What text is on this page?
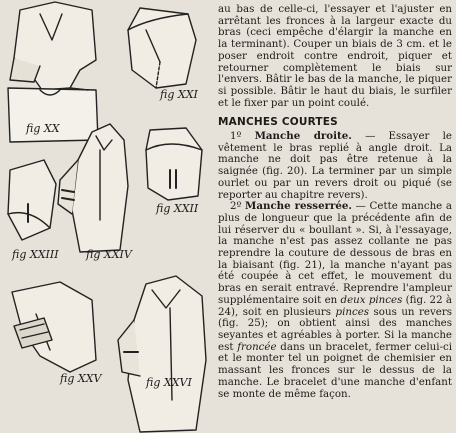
fig XX
fig XXI
fig XXII
fig XXIII fig XXIV
fig XXV	fig XXVI

au bas de celle-ci, l'essayer et l'ajuster en arrêtant les fronces à la largeur exacte du bras (ceci empêche d'élargir la manche en la terminant). Couper un biais de 3 cm. et le poser endroit contre endroit, piquer et retourner complètement le biais sur l'envers. Bâtir le bas de la manche, le piquer si possible. Bâtir le haut du biais, le surfiler et le fixer par un point coulé.

MANCHES COURTES

1º Manche droite. — Essayer le vêtement le bras replié à angle droit. La manche ne doit pas être retenue à la saignée (fig. 20). La terminer par un simple ourlet ou par un revers droit ou piqué (se reporter au chapitre revers).

2º Manche resserrée. — Cette manche a plus de longueur que la précédente afin de lui réserver du « boullant ». Si, à l'essayage, la manche n'est pas assez collante ne pas reprendre la couture de dessous de bras en la biaisant (fig. 21), la manche n'ayant pas été coupée à cet effet, le mouvement du bras en serait entravé. Reprendre l'ampleur supplémentaire soit en deux pinces (fig. 22 à 24), soit en plusieurs pinces sous un revers (fig. 25); on obtient ainsi des manches seyantes et agréables à porter. Si la manche est froncée dans un bracelet, fermer celui-ci et le monter tel un poignet de chemisier en massant les fronces sur le dessus de la manche. Le bracelet d'une manche d'enfant se monte de même façon.
